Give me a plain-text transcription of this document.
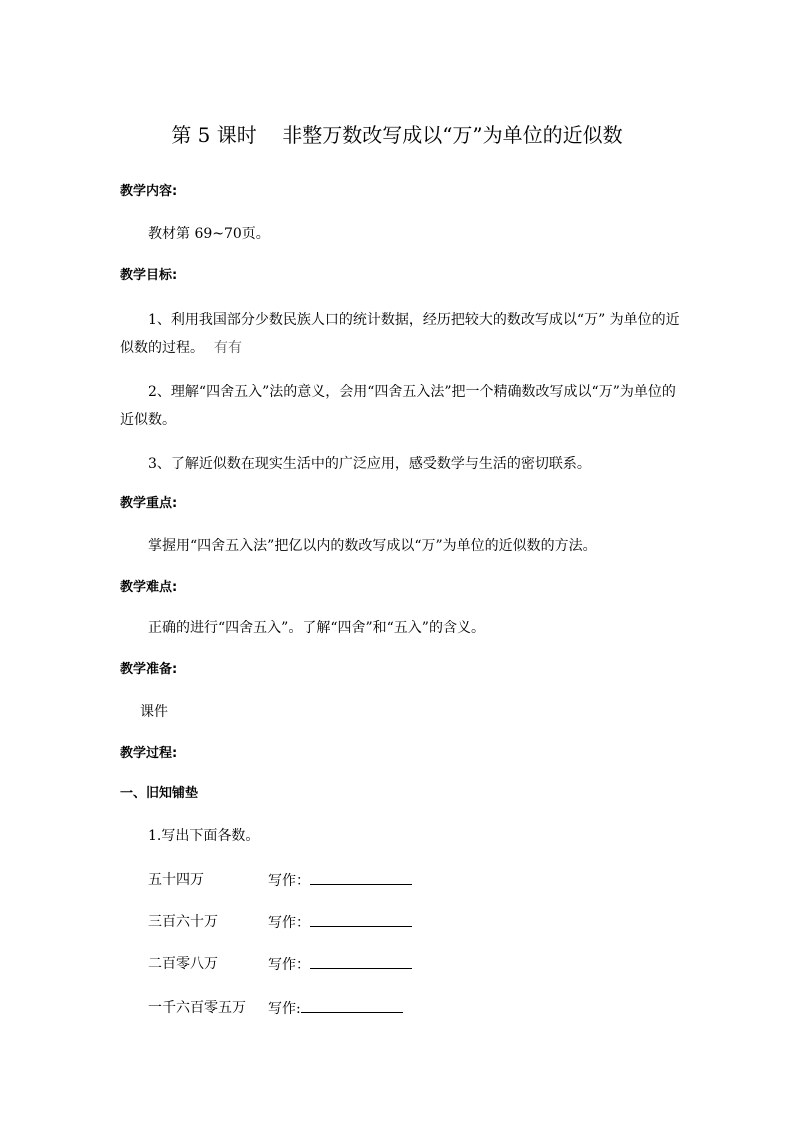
第 5 课时    非整万数改写成以“万”为单位的近似数
教学内容:
教材第 69~70页。
教学目标:
1、利用我国部分少数民族人口的统计数据，经历把较大的数改写成以“万” 为单位的近似数的过程。 有有
2、理解“四舍五入”法的意义，会用“四舍五入法”把一个精确数改写成以“万”为单位的近似数。
3、了解近似数在现实生活中的广泛应用，感受数学与生活的密切联系。
教学重点:
掌握用“四舍五入法”把亿以内的数改写成以“万”为单位的近似数的方法。
教学难点:
正确的进行“四舍五入”。了解“四舍”和“五入”的含义。
教学准备:
课件
教学过程:
一、旧知铺垫
1.写出下面各数。
五十四万	写作：
三百六十万	写作：
二百零八万	写作：
一千六百零五万 写作:
